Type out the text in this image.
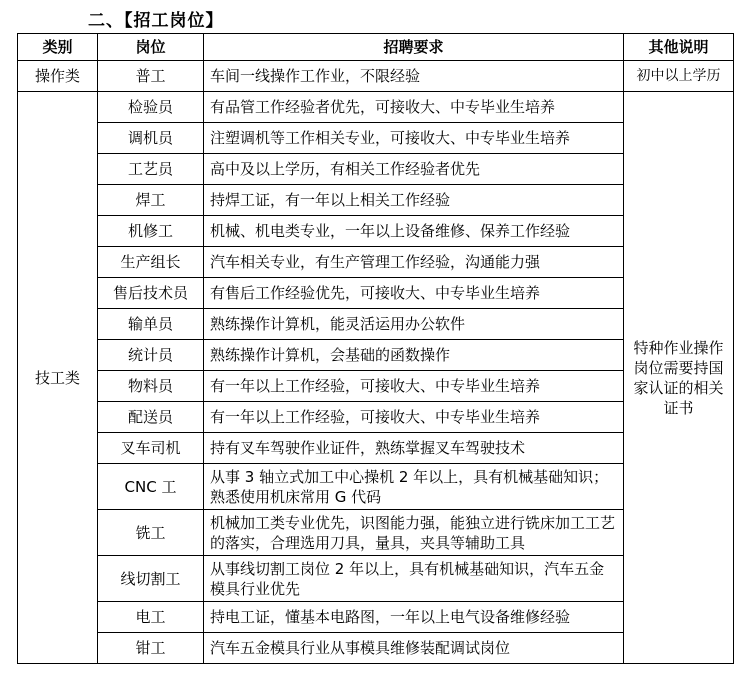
二、【招工岗位】
类别	岗位	招聘要求	其他说明
操作类	普工	车间一线操作工作业，不限经验	初中以上学历
技工类	检验员	有品管工作经验者优先，可接收大、中专毕业生培养	特种作业操作岗位需要持国家认证的相关证书
	调机员	注塑调机等工作相关专业，可接收大、中专毕业生培养	
	工艺员	高中及以上学历，有相关工作经验者优先	
	焊工	持焊工证，有一年以上相关工作经验	
	机修工	机械、机电类专业，一年以上设备维修、保养工作经验	
	生产组长	汽车相关专业，有生产管理工作经验，沟通能力强	
	售后技术员	有售后工作经验优先，可接收大、中专毕业生培养	
	输单员	熟练操作计算机，能灵活运用办公软件	
	统计员	熟练操作计算机，会基础的函数操作	
	物料员	有一年以上工作经验，可接收大、中专毕业生培养	
	配送员	有一年以上工作经验，可接收大、中专毕业生培养	
	叉车司机	持有叉车驾驶作业证件，熟练掌握叉车驾驶技术	
	CNC 工	从事 3 轴立式加工中心操机 2 年以上，具有机械基础知识；熟悉使用机床常用 G 代码	
	铣工	机械加工类专业优先，识图能力强，能独立进行铣床加工工艺的落实，合理选用刀具，量具，夹具等辅助工具	
	线切割工	从事线切割工岗位 2 年以上，具有机械基础知识，汽车五金模具行业优先	
	电工	持电工证，懂基本电路图，一年以上电气设备维修经验	
	钳工	汽车五金模具行业从事模具维修装配调试岗位	
